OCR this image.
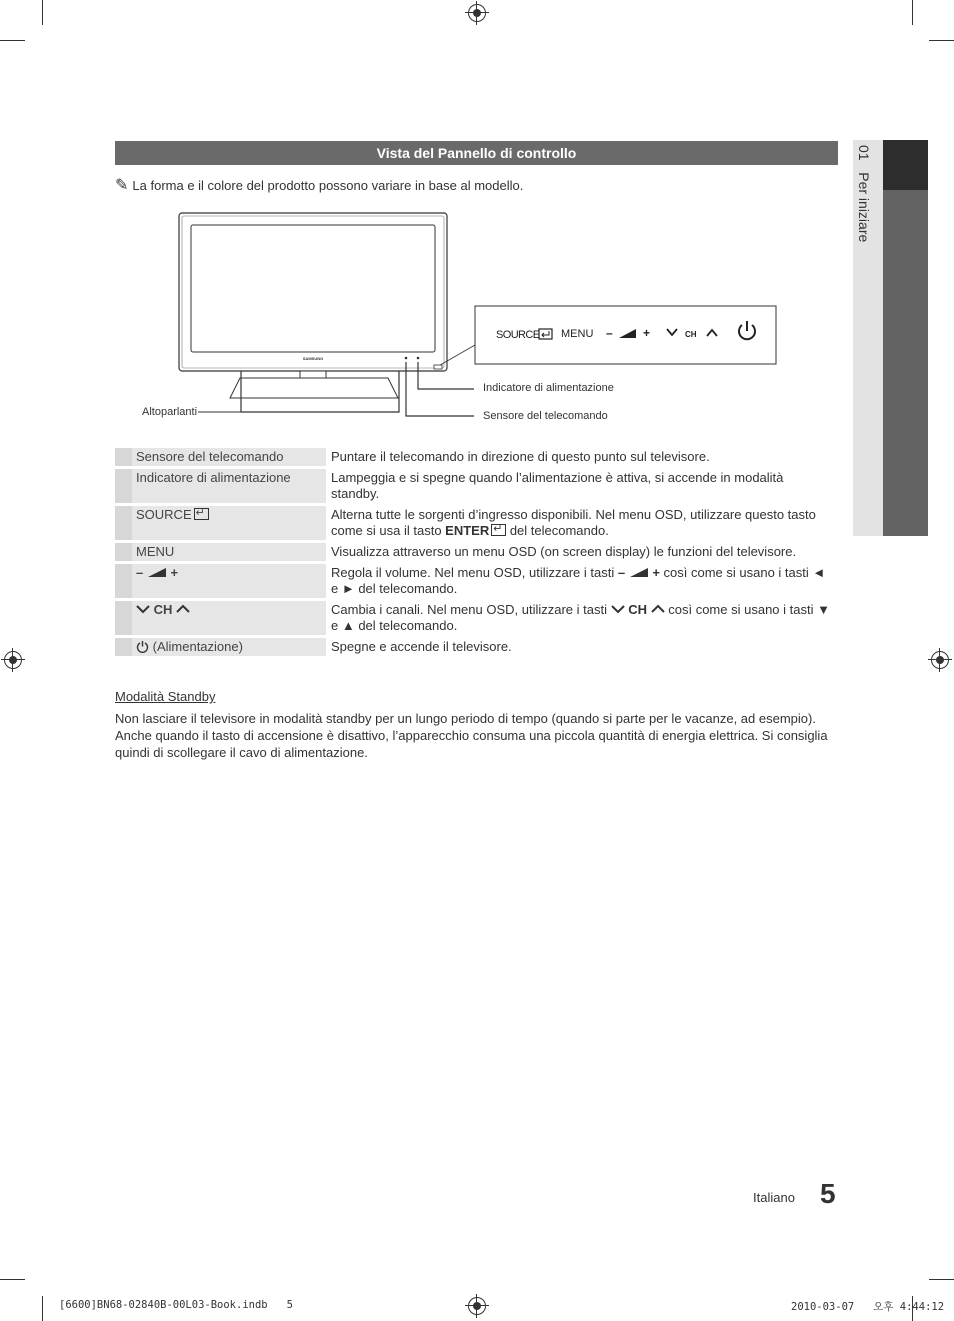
Vista del Pannello di controllo
✎ La forma e il colore del prodotto possono variare in base al modello.
01   Per iniziare
SAMSUNG
SOURCE MENU –	+	CH
Altoparlanti
Indicatore di alimentazione
Sensore del telecomando
	Sensore del telecomando	Puntare il telecomando in direzione di questo punto sul televisore.
	Indicatore di alimentazione	Lampeggia e si spegne quando l’alimentazione è attiva, si accende in modalità standby.
	SOURCE↵	Alterna tutte le sorgenti d’ingresso disponibili. Nel menu OSD, utilizzare questo tasto come si usa il tasto ENTER↵ del telecomando.
	MENU	Visualizza attraverso un menu OSD (on screen display) le funzioni del televisore.
	– +	Regola il volume. Nel menu OSD, utilizzare i tasti – + così come si usano i tasti ◄ e ► del telecomando.
	CH	Cambia i canali. Nel menu OSD, utilizzare i tasti  CH  così come si usano i tasti ▼ e ▲ del telecomando.
	(Alimentazione)	Spegne e accende il televisore.
Modalità Standby
Non lasciare il televisore in modalità standby per un lungo periodo di tempo (quando si parte per le vacanze, ad esempio). Anche quando il tasto di accensione è disattivo, l’apparecchio consuma una piccola quantità di energia elettrica. Si consiglia quindi di scollegare il cavo di alimentazione.
Italiano 5
[6600]BN68-02840B-00L03-Book.indb   5	2010-03-07   오후 4:44:12
